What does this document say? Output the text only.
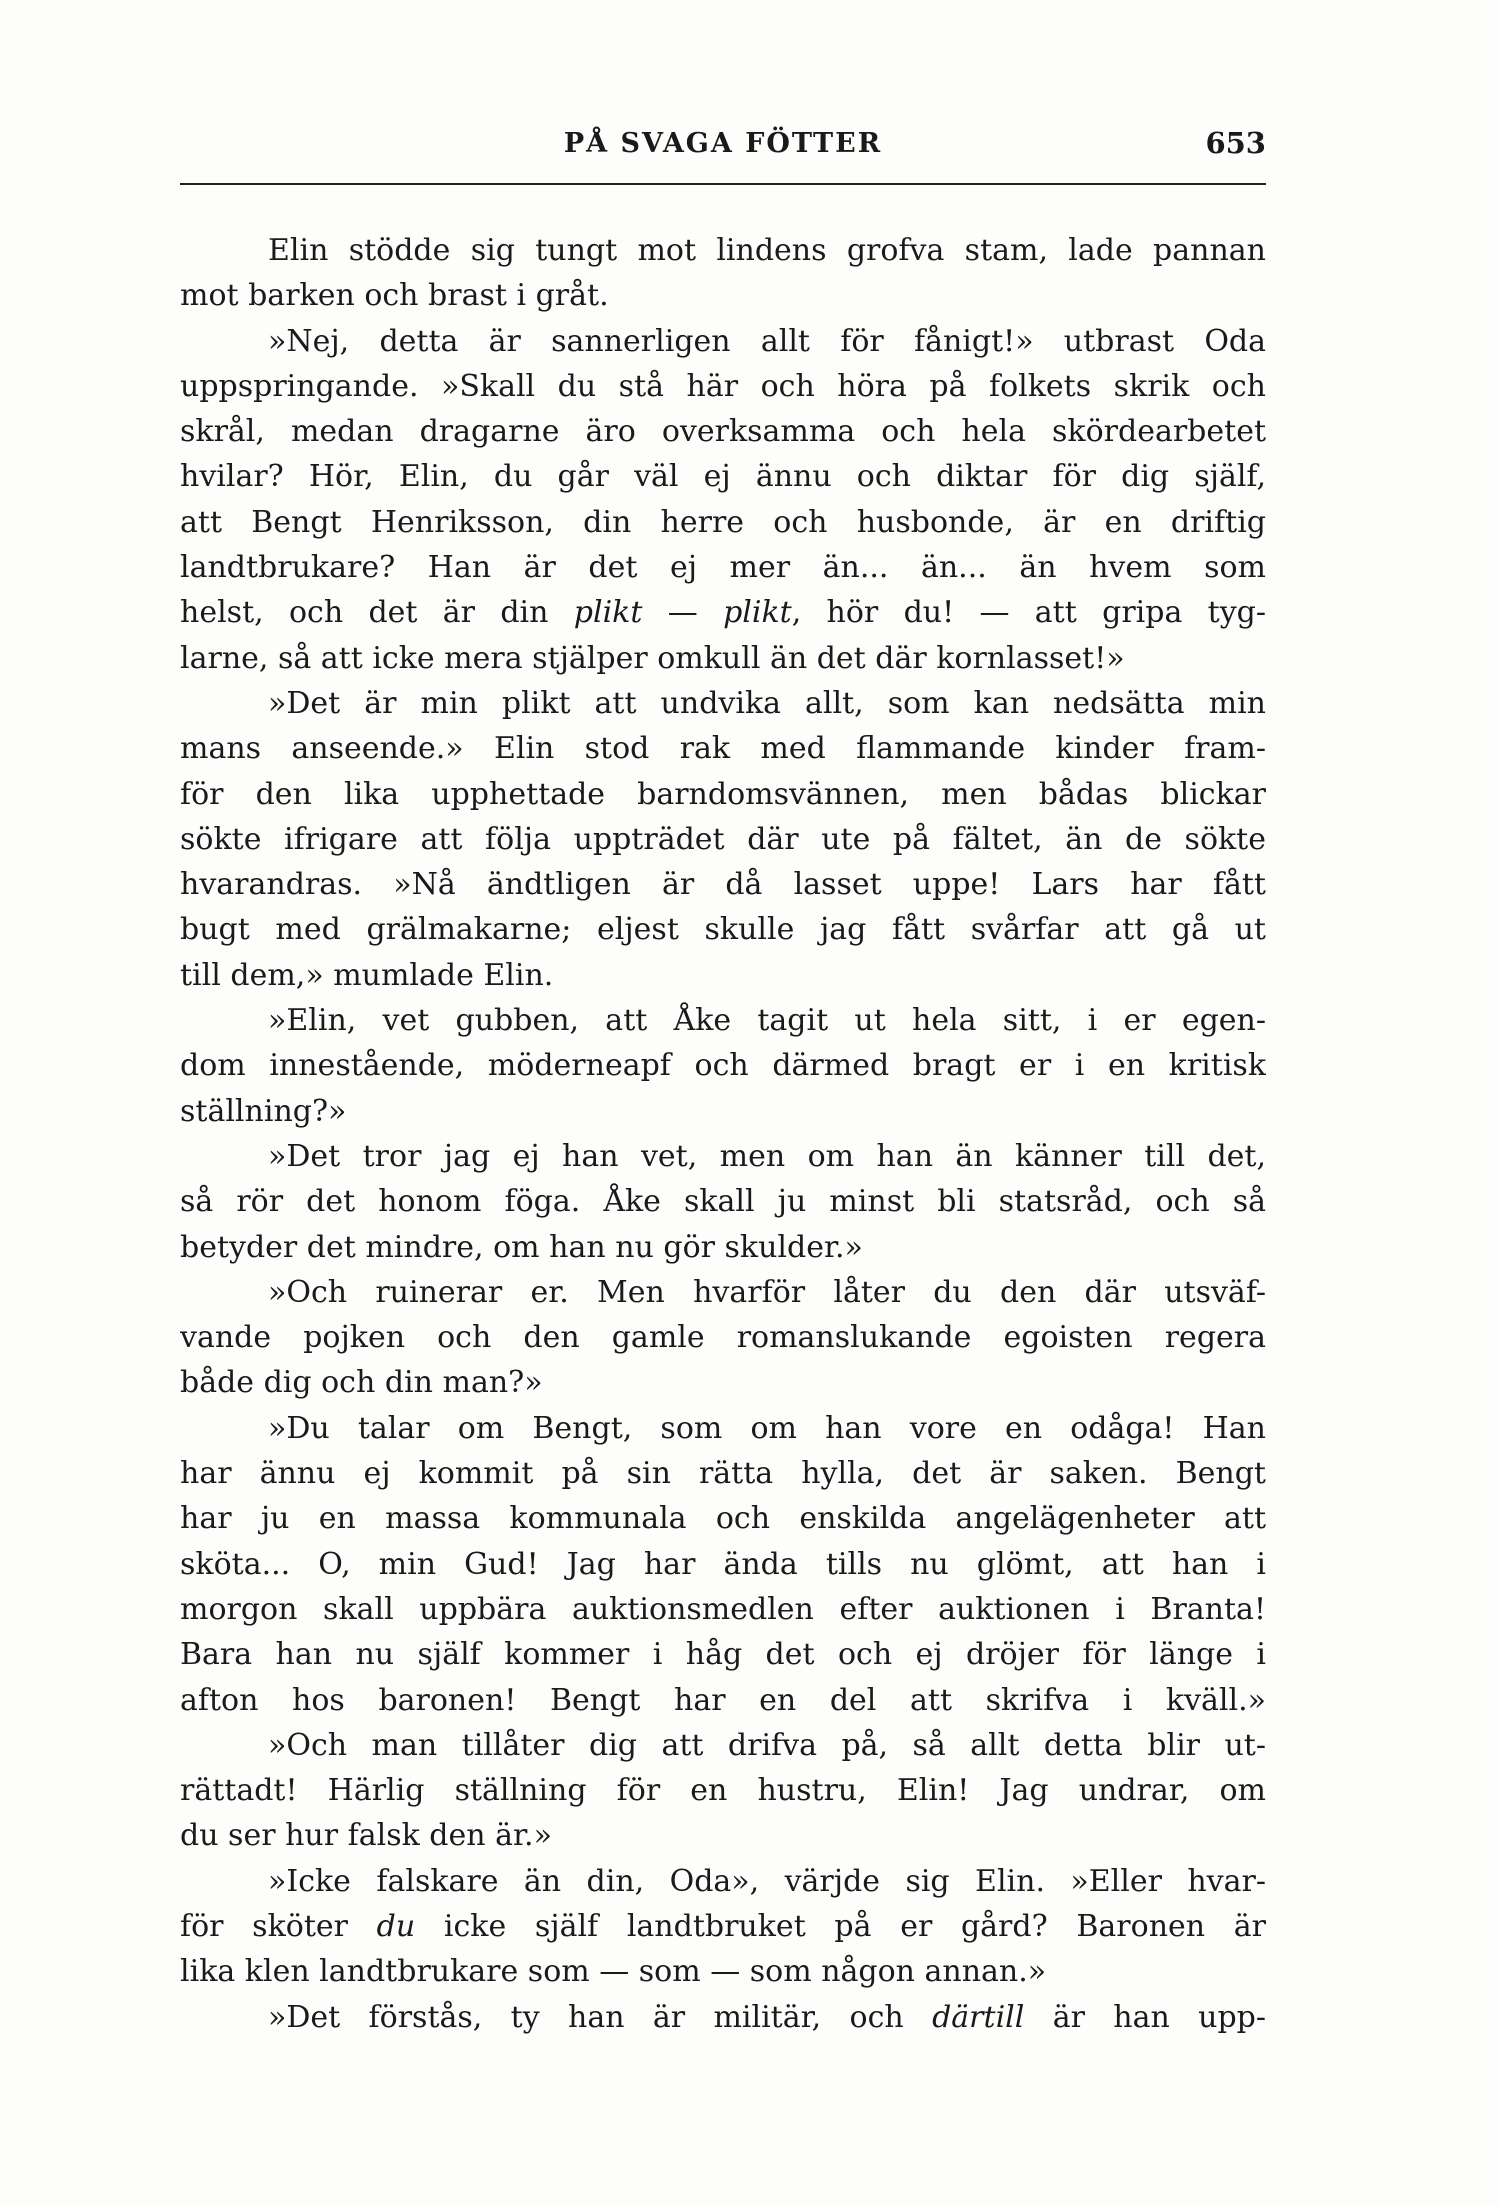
PÅ SVAGA FÖTTER	653
Elin stödde sig tungt mot lindens grofva stam, lade pannan
mot barken och brast i gråt.
»Nej, detta är sannerligen allt för fånigt!» utbrast Oda
uppspringande. »Skall du stå här och höra på folkets skrik och
skrål, medan dragarne äro overksamma och hela skördearbetet
hvilar? Hör, Elin, du går väl ej ännu och diktar för dig själf,
att Bengt Henriksson, din herre och husbonde, är en driftig
landtbrukare? Han är det ej mer än... än... än hvem som
helst, och det är din plikt — plikt, hör du! — att gripa tyg-
larne, så att icke mera stjälper omkull än det där kornlasset!»
»Det är min plikt att undvika allt, som kan nedsätta min
mans anseende.» Elin stod rak med flammande kinder fram-
för den lika upphettade barndomsvännen, men bådas blickar
sökte ifrigare att följa uppträdet där ute på fältet, än de sökte
hvarandras. »Nå ändtligen är då lasset uppe! Lars har fått
bugt med grälmakarne; eljest skulle jag fått svårfar att gå ut
till dem,» mumlade Elin.
»Elin, vet gubben, att Åke tagit ut hela sitt, i er egen-
dom innestående, möderneарf och därmed bragt er i en kritisk
ställning?»
»Det tror jag ej han vet, men om han än känner till det,
så rör det honom föga. Åke skall ju minst bli statsråd, och så
betyder det mindre, om han nu gör skulder.»
»Och ruinerar er. Men hvarför låter du den där utsväf-
vande pojken och den gamle romanslukande egoisten regera
både dig och din man?»
»Du talar om Bengt, som om han vore en odåga! Han
har ännu ej kommit på sin rätta hylla, det är saken. Bengt
har ju en massa kommunala och enskilda angelägenheter att
sköta... O, min Gud! Jag har ända tills nu glömt, att han i
morgon skall uppbära auktionsmedlen efter auktionen i Branta!
Bara han nu själf kommer i håg det och ej dröjer för länge i
afton hos baronen! Bengt har en del att skrifva i kväll.»
»Och man tillåter dig att drifva på, så allt detta blir ut-
rättadt! Härlig ställning för en hustru, Elin! Jag undrar, om
du ser hur falsk den är.»
»Icke falskare än din, Oda», värjde sig Elin. »Eller hvar-
för sköter du icke själf landtbruket på er gård? Baronen är
lika klen landtbrukare som — som — som någon annan.»
»Det förstås, ty han är militär, och därtill är han upp-
